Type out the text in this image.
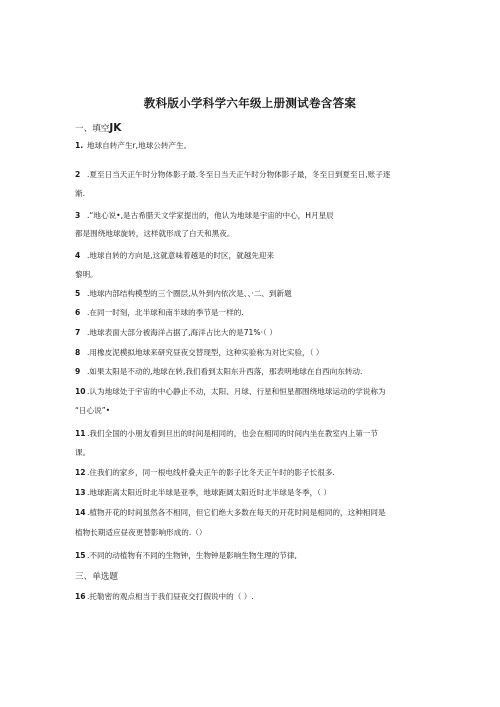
教科版小学科学六年级上册测试卷含答案
一、填空JK
1. 地球自转产生r,地球公转产生。
2 .夏至日当天正午时分物体影子最.冬至日当天正午时分物体影子最，冬至日到夏至日,账子逐
渐.
3 .“地心说•,是古希腊天文学家提出的，他认为地球是宇宙的中心，H月星辰
都是围绕地球旋转，这样就形成了白天和黑夜。
4 .地球自转的方向是,这就意味着越是的时区，就越先迎来
黎明。
5 .地球内部结构模型的三个圈层,从外到内依次是、、·二、到新题
6 .在同一时刻，北半球和南半球的季节是一样的.
7 .地球表面大部分被海洋占据了,海洋占比大的是71%·（ ）
8 .用橡皮泥模拟地球来研究昼夜交替现型，这种实验称为对比实验，（ ）
9 .如果太阳是不动的,地球在转,我们看到太阳东升西落，那表明地球在自西向东转动.
10.认为地球处于宇宙的中心静止不动，太阳、月球、行星和恒星都围绕地球运动的学说称为
“日心说”•
11.我们全国的小朋友看到旦出的时间是相同的，也会在相同的时间内坐在教室内上第一节
课。
12.住我们的家乡，同一根电线杆叠夫正午的影子比冬天正午时的影子长很多.
13.地球距离太阳近时北半球是亚季，地球距阔太阳近时北半球是冬季，（ ）
14.植物开花的时间虽然各不相同，但它们绝大多数在每天的开花时间是相同的，这种相同是
植物长期适应昼夜更替影响形成的.（）
15.不同的动植物有不同的生物钟，生物钟是影响生物生理的节律,
三、单选题
16.托勒密的观点相当于我们昼夜交打假说中的（ ）.
